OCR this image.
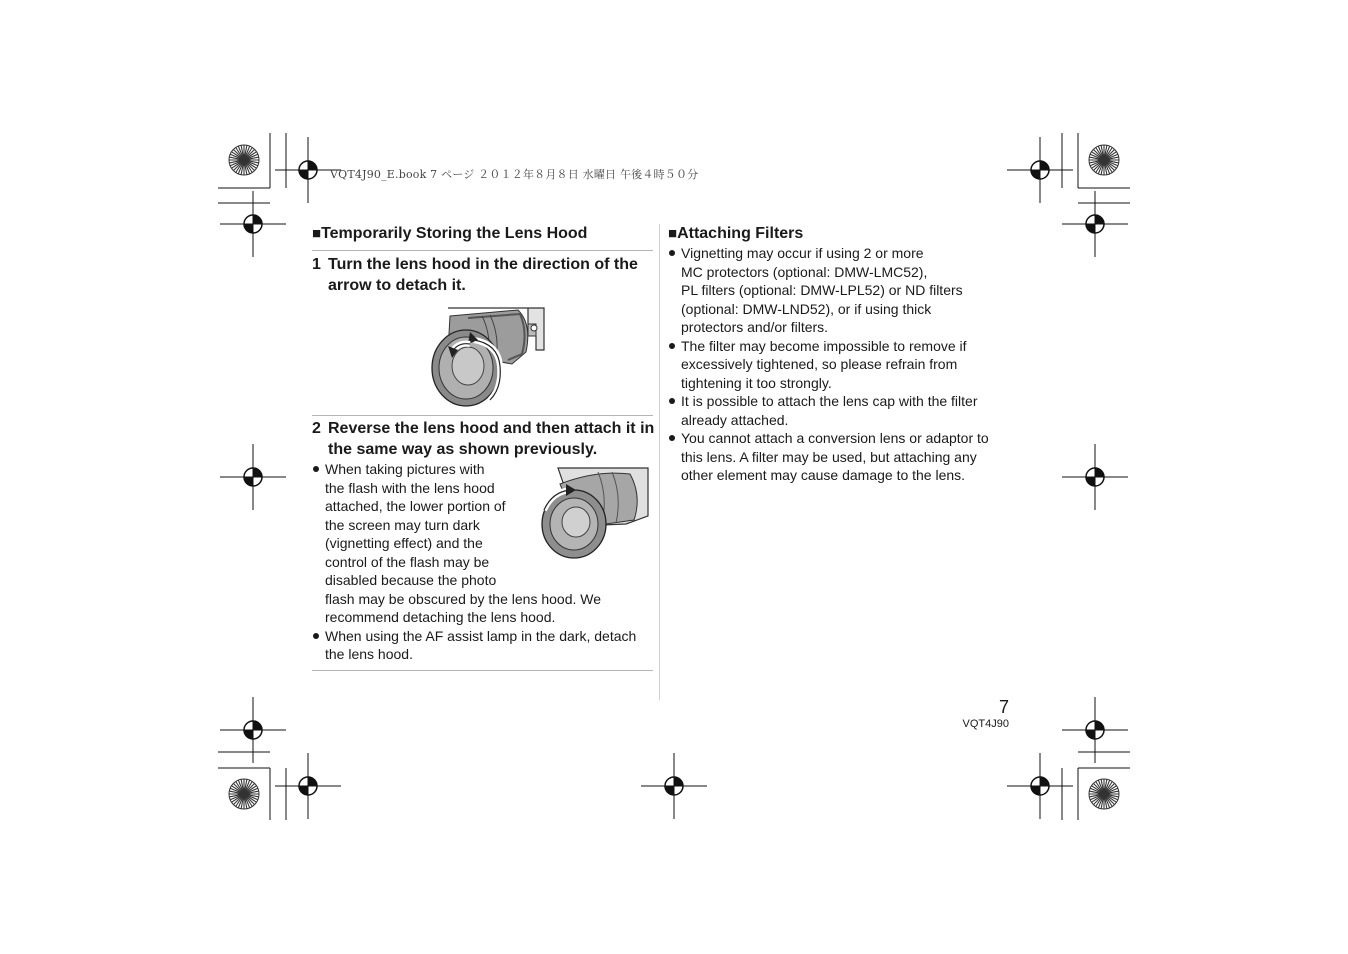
VQT4J90_E.book 7 ページ ２０１２年８月８日 水曜日 午後４時５０分
■Temporarily Storing the Lens Hood
1 Turn the lens hood in the direction of the arrow to detach it.
2 Reverse the lens hood and then attach it in the same way as shown previously.
When taking pictures with
the flash with the lens hood
attached, the lower portion of
the screen may turn dark
(vignetting effect) and the
control of the flash may be
disabled because the photo
flash may be obscured by the lens hood. We
recommend detaching the lens hood.
When using the AF assist lamp in the dark, detach
the lens hood.
■Attaching Filters
Vignetting may occur if using 2 or more
MC protectors (optional: DMW-LMC52),
PL filters (optional: DMW-LPL52) or ND filters
(optional: DMW-LND52), or if using thick
protectors and/or filters.
The filter may become impossible to remove if
excessively tightened, so please refrain from
tightening it too strongly.
It is possible to attach the lens cap with the filter
already attached.
You cannot attach a conversion lens or adaptor to
this lens. A filter may be used, but attaching any
other element may cause damage to the lens.
7
VQT4J90
